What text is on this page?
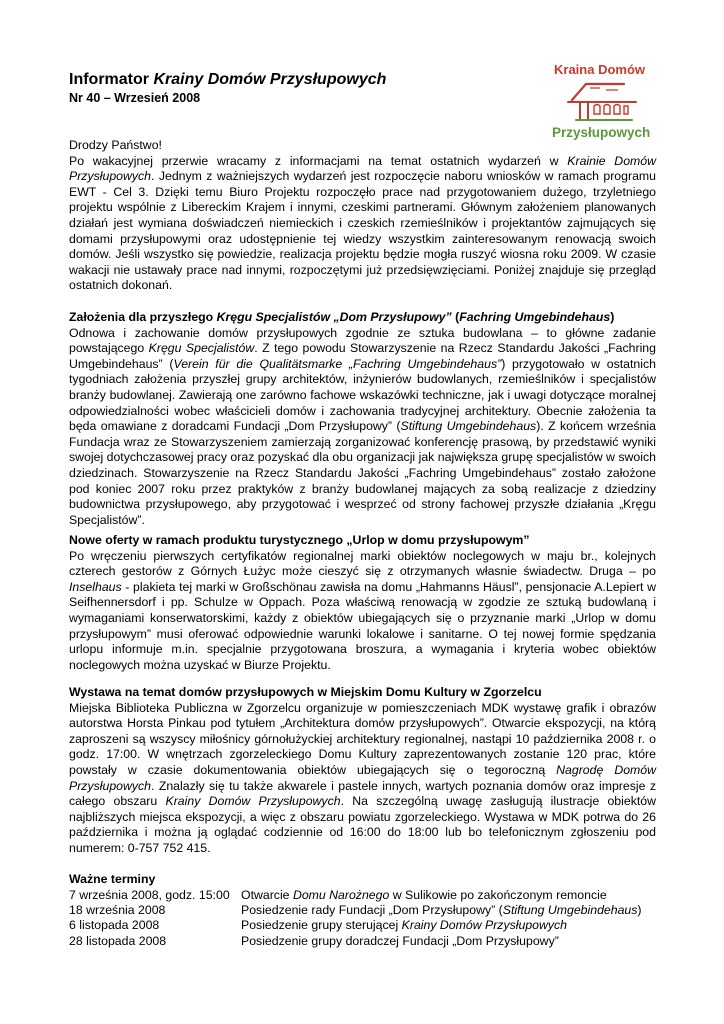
Informator Krainy Domów Przysłupowych
Nr 40 – Wrzesień 2008
Kraina Domów
Przysłupowych

Drodzy Państwo!

Po wakacyjnej przerwie wracamy z informacjami na temat ostatnich wydarzeń w Krainie Domów Przysłupowych. Jednym z ważniejszych wydarzeń jest rozpoczęcie naboru wniosków w ramach programu EWT - Cel 3. Dzięki temu Biuro Projektu rozpoczęło prace nad przygotowaniem dużego, trzyletniego projektu wspólnie z Libereckim Krajem i innymi, czeskimi partnerami. Głównym założeniem planowanych działań jest wymiana doświadczeń niemieckich i czeskich rzemieślników i projektantów zajmujących się domami przysłupowymi oraz udostępnienie tej wiedzy wszystkim zainteresowanym renowacją swoich domów. Jeśli wszystko się powiedzie, realizacja projektu będzie mogła ruszyć wiosna roku 2009. W czasie wakacji nie ustawały prace nad innymi, rozpoczętymi już przedsięwzięciami. Poniżej znajduje się przegląd ostatnich dokonań.

Założenia dla przyszłego Kręgu Specjalistów „Dom Przysłupowy” (Fachring Umgebindehaus)

Odnowa i zachowanie domów przysłupowych zgodnie ze sztuka budowlana – to główne zadanie powstającego Kręgu Specjalistów. Z tego powodu Stowarzyszenie na Rzecz Standardu Jakości „Fachring Umgebindehaus” (Verein für die Qualitätsmarke „Fachring Umgebindehaus”) przygotowało w ostatnich tygodniach założenia przyszłej grupy architektów, inżynierów budowlanych, rzemieślników i specjalistów branży budowlanej. Zawierają one zarówno fachowe wskazówki techniczne, jak i uwagi dotyczące moralnej odpowiedzialności wobec właścicieli domów i zachowania tradycyjnej architektury. Obecnie założenia ta będa omawiane z doradcami Fundacji „Dom Przysłupowy” (Stiftung Umgebindehaus). Z końcem września Fundacja wraz ze Stowarzyszeniem zamierzają zorganizować konferencję prasową, by przedstawić wyniki swojej dotychczasowej pracy oraz pozyskać dla obu organizacji jak największa grupę specjalistów w swoich dziedzinach. Stowarzyszenie na Rzecz Standardu Jakości „Fachring Umgebindehaus” zostało założone pod koniec 2007 roku przez praktyków z branży budowlanej mających za sobą realizacje z dziedziny budownictwa przysłupowego, aby przygotować i wesprzeć od strony fachowej przyszłe działania „Kręgu Specjalistów”.

Nowe oferty w ramach produktu turystycznego „Urlop w domu przysłupowym”

Po wręczeniu pierwszych certyfikatów regionalnej marki obiektów noclegowych w maju br., kolejnych czterech gestorów z Górnych Łużyc może cieszyć się z otrzymanych własnie świadectw. Druga – po Inselhaus - plakieta tej marki w Großschönau zawisła na domu „Hahmanns Häusl”, pensjonacie A.Lepiert w Seifhennersdorf i pp. Schulze w Oppach. Poza właściwą renowacją w zgodzie ze sztuką budowlaną i wymaganiami konserwatorskimi, każdy z obiektów ubiegających się o przyznanie marki „Urlop w domu przysłupowym” musi oferować odpowiednie warunki lokalowe i sanitarne. O tej nowej formie spędzania urlopu informuje m.in. specjalnie przygotowana broszura, a wymagania i kryteria wobec obiektów noclegowych można uzyskać w Biurze Projektu.

Wystawa na temat domów przysłupowych w Miejskim Domu Kultury w Zgorzelcu

Miejska Biblioteka Publiczna w Zgorzelcu organizuje w pomieszczeniach MDK wystawę grafik i obrazów autorstwa Horsta Pinkau pod tytułem „Architektura domów przysłupowych”. Otwarcie ekspozycji, na którą zaproszeni są wszyscy miłośnicy górnołużyckiej architektury regionalnej, nastąpi 10 października 2008 r. o godz. 17:00. W wnętrzach zgorzeleckiego Domu Kultury zaprezentowanych zostanie 120 prac, które powstały w czasie dokumentowania obiektów ubiegających się o tegoroczną Nagrodę Domów Przysłupowych. Znalazły się tu także akwarele i pastele innych, wartych poznania domów oraz impresje z całego obszaru Krainy Domów Przysłupowych. Na szczególną uwagę zasługują ilustracje obiektów najbliższych miejsca ekspozycji, a więc z obszaru powiatu zgorzeleckiego. Wystawa w MDK potrwa do 26 października i można ją oglądać codziennie od 16:00 do 18:00 lub bo telefonicznym zgłoszeniu pod numerem: 0-757 752 415.

Ważne terminy

7 września 2008, godz. 15:00 Otwarcie Domu Narożnego w Sulikowie po zakończonym remoncie
18 września 2008	Posiedzenie rady Fundacji „Dom Przysłupowy” (Stiftung Umgebindehaus)
6 listopada 2008	Posiedzenie grupy sterującej Krainy Domów Przysłupowych
28 listopada 2008	Posiedzenie grupy doradczej Fundacji „Dom Przysłupowy”
